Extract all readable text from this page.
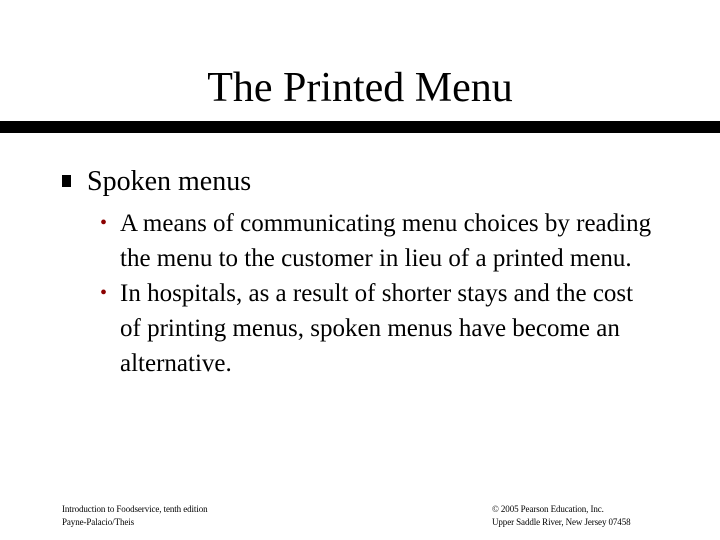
The Printed Menu
Spoken menus
• A means of communicating menu choices by reading the menu to the customer in lieu of a printed menu.
• In hospitals, as a result of shorter stays and the cost of printing menus, spoken menus have become an alternative.
Introduction to Foodservice, tenth edition
Payne-Palacio/Theis
© 2005 Pearson Education, Inc.
Upper Saddle River, New Jersey 07458
